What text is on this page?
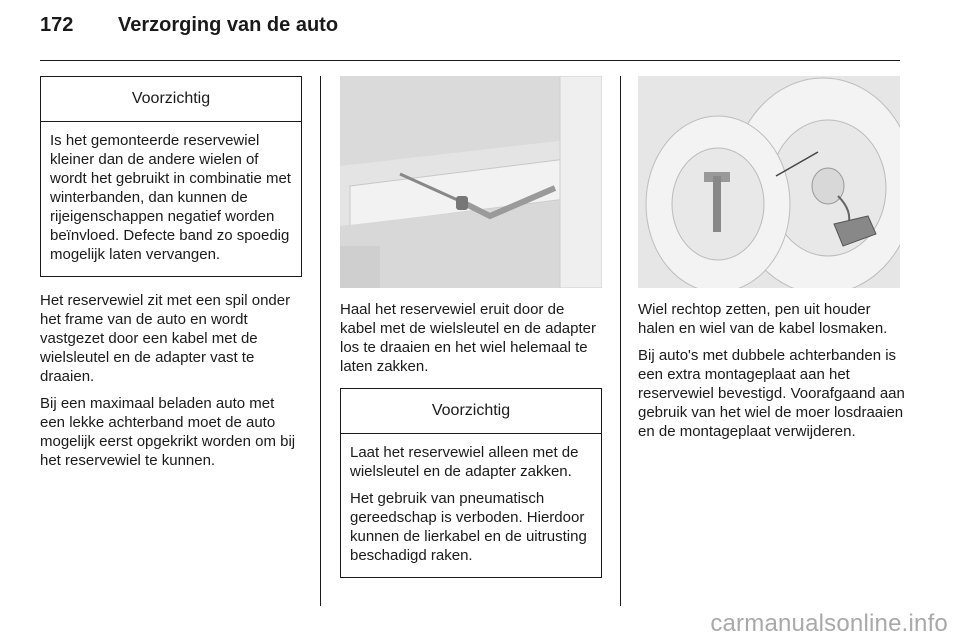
172 Verzorging van de auto
Voorzichtig

Is het gemonteerde reservewiel kleiner dan de andere wielen of wordt het gebruikt in combinatie met winterbanden, dan kunnen de rijeigenschappen negatief worden beïnvloed. Defecte band zo spoedig mogelijk laten vervangen.

Het reservewiel zit met een spil onder het frame van de auto en wordt vastgezet door een kabel met de wielsleutel en de adapter vast te draaien.

Bij een maximaal beladen auto met een lekke achterband moet de auto mogelijk eerst opgekrikt worden om bij het reservewiel te kunnen.

Haal het reservewiel eruit door de kabel met de wielsleutel en de adapter los te draaien en het wiel helemaal te laten zakken.

Voorzichtig

Laat het reservewiel alleen met de wielsleutel en de adapter zakken.

Het gebruik van pneumatisch gereedschap is verboden. Hierdoor kunnen de lierkabel en de uitrusting beschadigd raken.

Wiel rechtop zetten, pen uit houder halen en wiel van de kabel losmaken.

Bij auto's met dubbele achterbanden is een extra montageplaat aan het reservewiel bevestigd. Voorafgaand aan gebruik van het wiel de moer losdraaien en de montageplaat verwijderen.

carmanualsonline.info
